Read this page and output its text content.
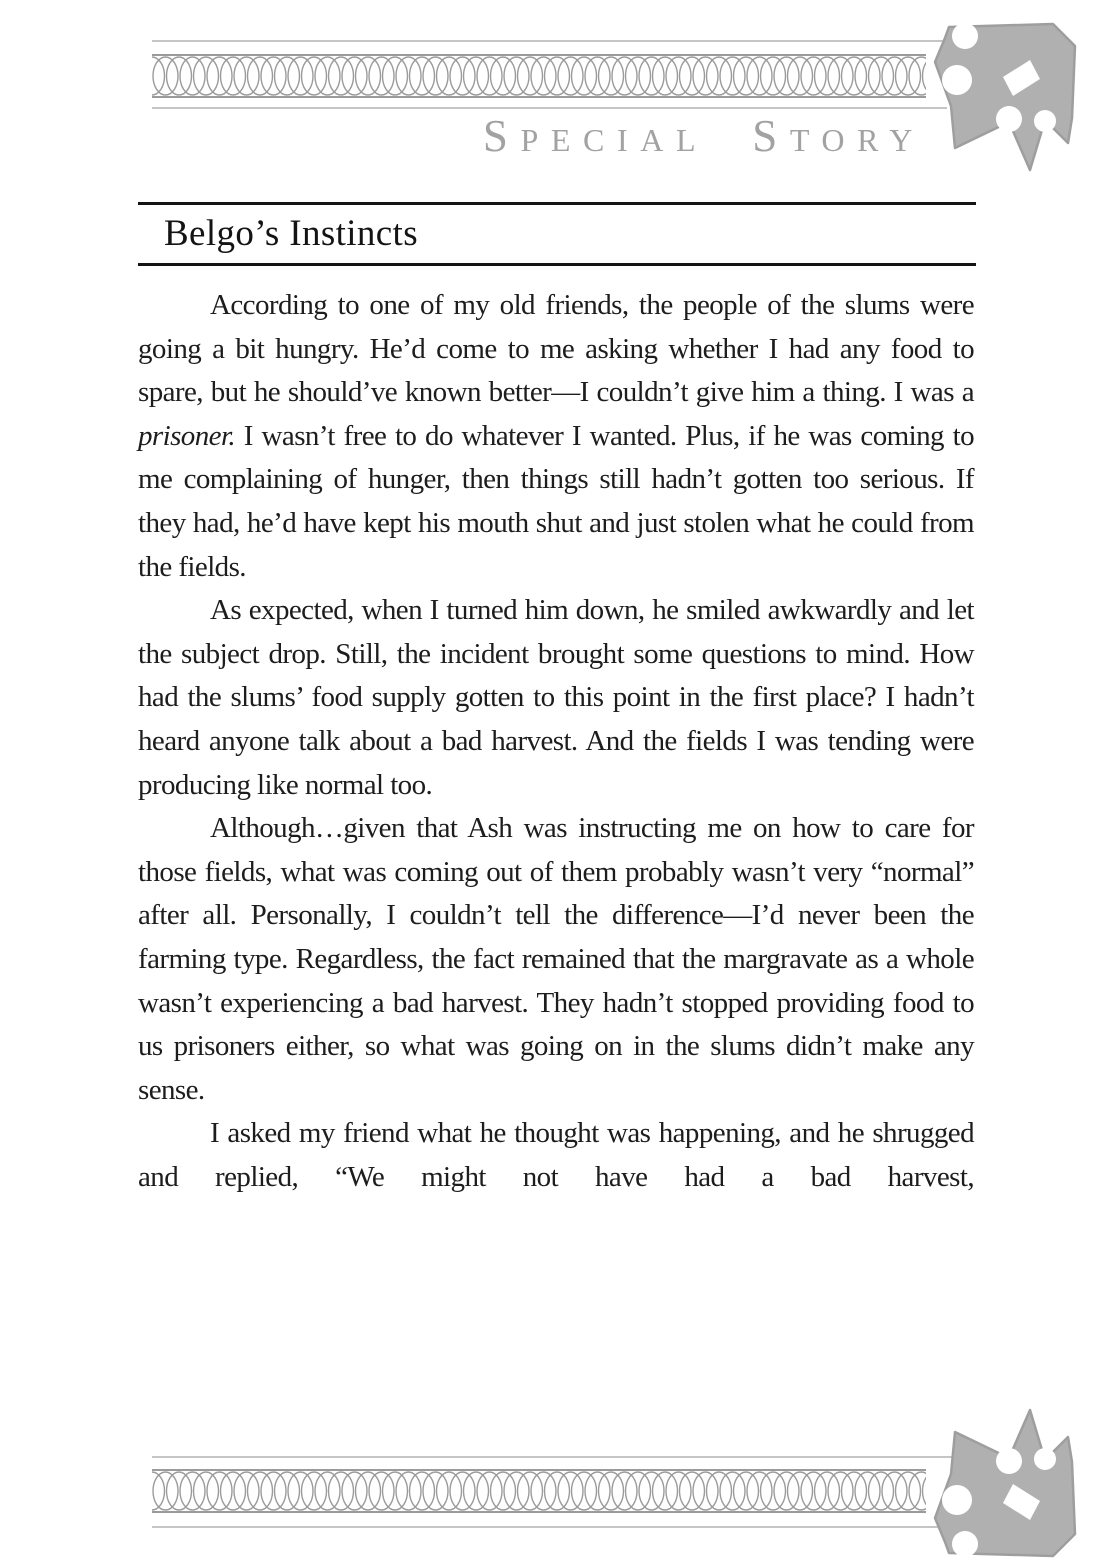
Special Story
Belgo’s Instincts

According to one of my old friends, the people of the slums were going a bit hungry. He’d come to me asking whether I had any food to spare, but he should’ve known better—I couldn’t give him a thing. I was a prisoner. I wasn’t free to do whatever I wanted. Plus, if he was coming to me complaining of hunger, then things still hadn’t gotten too serious. If they had, he’d have kept his mouth shut and just stolen what he could from the fields.

As expected, when I turned him down, he smiled awkwardly and let the subject drop. Still, the incident brought some questions to mind. How had the slums’ food supply gotten to this point in the first place? I hadn’t heard anyone talk about a bad harvest. And the fields I was tending were producing like normal too.

Although…given that Ash was instructing me on how to care for those fields, what was coming out of them probably wasn’t very “normal” after all. Personally, I couldn’t tell the difference—I’d never been the farming type. Regardless, the fact remained that the margravate as a whole wasn’t experiencing a bad harvest. They hadn’t stopped providing food to us prisoners either, so what was going on in the slums didn’t make any sense.

I asked my friend what he thought was happening, and he shrugged and replied, “We might not have had a bad harvest,
